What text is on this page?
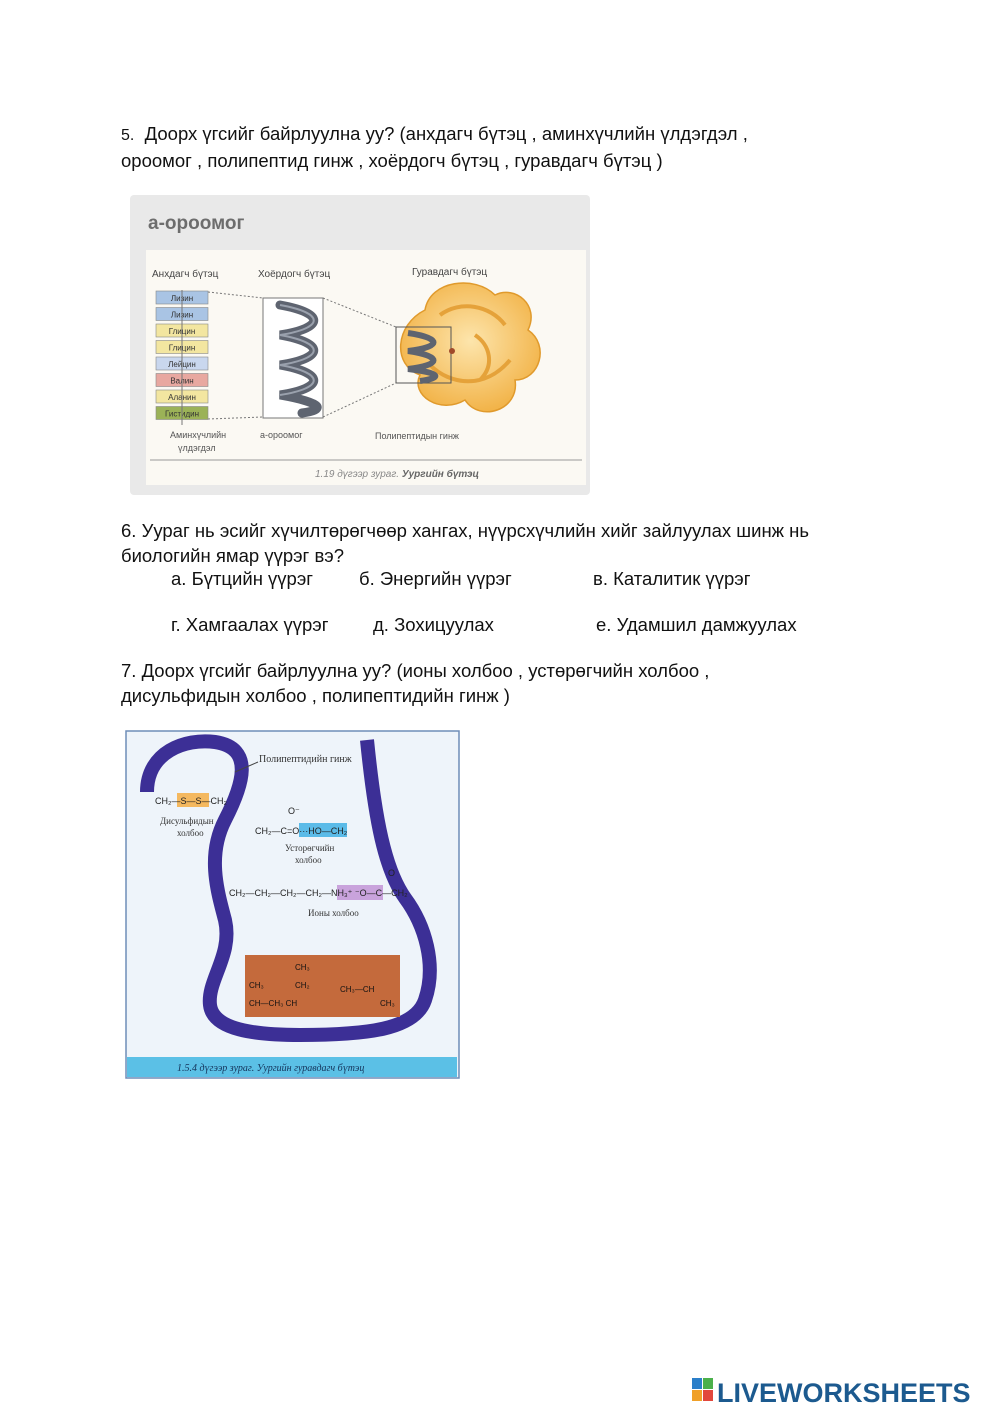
5. Доорх үгсийг байрлуулна уу? (анхдагч бүтэц , аминхүчлийн үлдэгдэл ,
ороомог , полипептид гинж , хоёрдогч бүтэц , гуравдагч бүтэц )
a-ороомог
Анхдагч бүтэц	Хоёрдогч бүтэц	Гуравдагч бүтэц
Лизин
Лизин
Глицин
Глицин
Лейцин
Валин
Аланин
Гистидин
Аминхүчлийн
үлдэгдэл
a-ороомог	Полипептидын гинж
1.19 дүгээр зураг. Уургийн бүтэц
6. Уураг нь эсийг хүчилтөрөгчөөр хангах, нүүрсхүчлийн хийг зайлуулах шинж нь
биологийн ямар үүрэг вэ?
а. Бүтцийн үүрэг б. Энергийн үүрэг	в. Каталитик үүрэг
г. Хамгаалах үүрэг д. Зохицуулах	е. Удамшил дамжуулах
7. Доорх үгсийг байрлуулна уу? (ионы холбоо , устөрөгчийн холбоо ,
дисульфидын холбоо , полипептидийн гинж )
Полипептидийн гинж
CH₂—S—S—CH₂
Дисульфидын
холбоо
O⁻
CH₂—C=O···HO—CH₂
Усторөгчийн
холбоо
O
CH₂—CH₂—CH₂—CH₂—NH₃⁺ ⁻O—C—CH₂
Ионы холбоо
CH₃
CH₂
CH₃
CH—CH₃ CH
CH₃—CH
CH₃
1.5.4 дүгээр зураг. Уургийн гуравдагч бүтэц
LIVEWORKSHEETS
